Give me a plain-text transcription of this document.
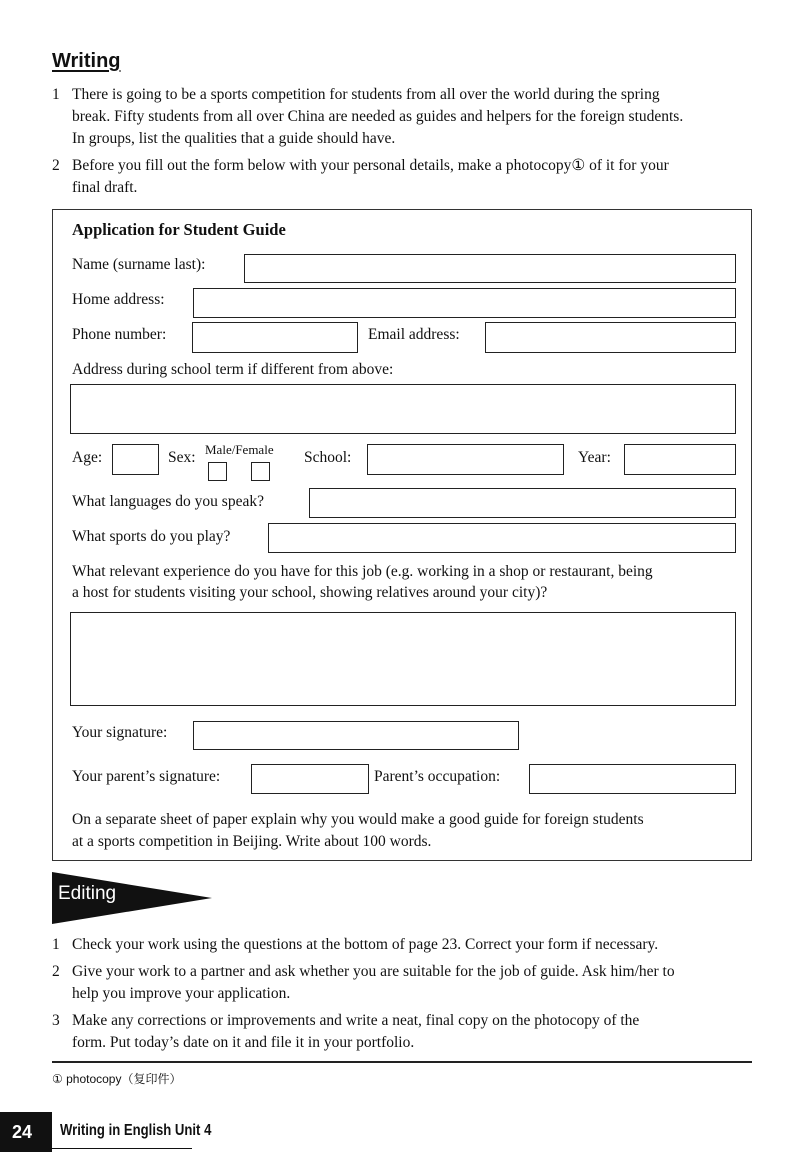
Writing
1 There is going to be a sports competition for students from all over the world during the spring
break. Fifty students from all over China are needed as guides and helpers for the foreign students.
In groups, list the qualities that a guide should have.
2 Before you fill out the form below with your personal details, make a photocopy① of it for your
final draft.
Application for Student Guide
Name (surname last):
Home address:
Phone number:	Email address:
Address during school term if different from above:
Age:	Sex: Male/Female School:	Year:
What languages do you speak?
What sports do you play?
What relevant experience do you have for this job (e.g. working in a shop or restaurant, being
a host for students visiting your school, showing relatives around your city)?
Your signature:
Your parent’s signature:	Parent’s occupation:
On a separate sheet of paper explain why you would make a good guide for foreign students
at a sports competition in Beijing. Write about 100 words.
Editing
1 Check your work using the questions at the bottom of page 23. Correct your form if necessary.
2 Give your work to a partner and ask whether you are suitable for the job of guide. Ask him/her to
help you improve your application.
3 Make any corrections or improvements and write a neat, final copy on the photocopy of the
form. Put today’s date on it and file it in your portfolio.
① photocopy（复印件）
24 Writing in English Unit 4
